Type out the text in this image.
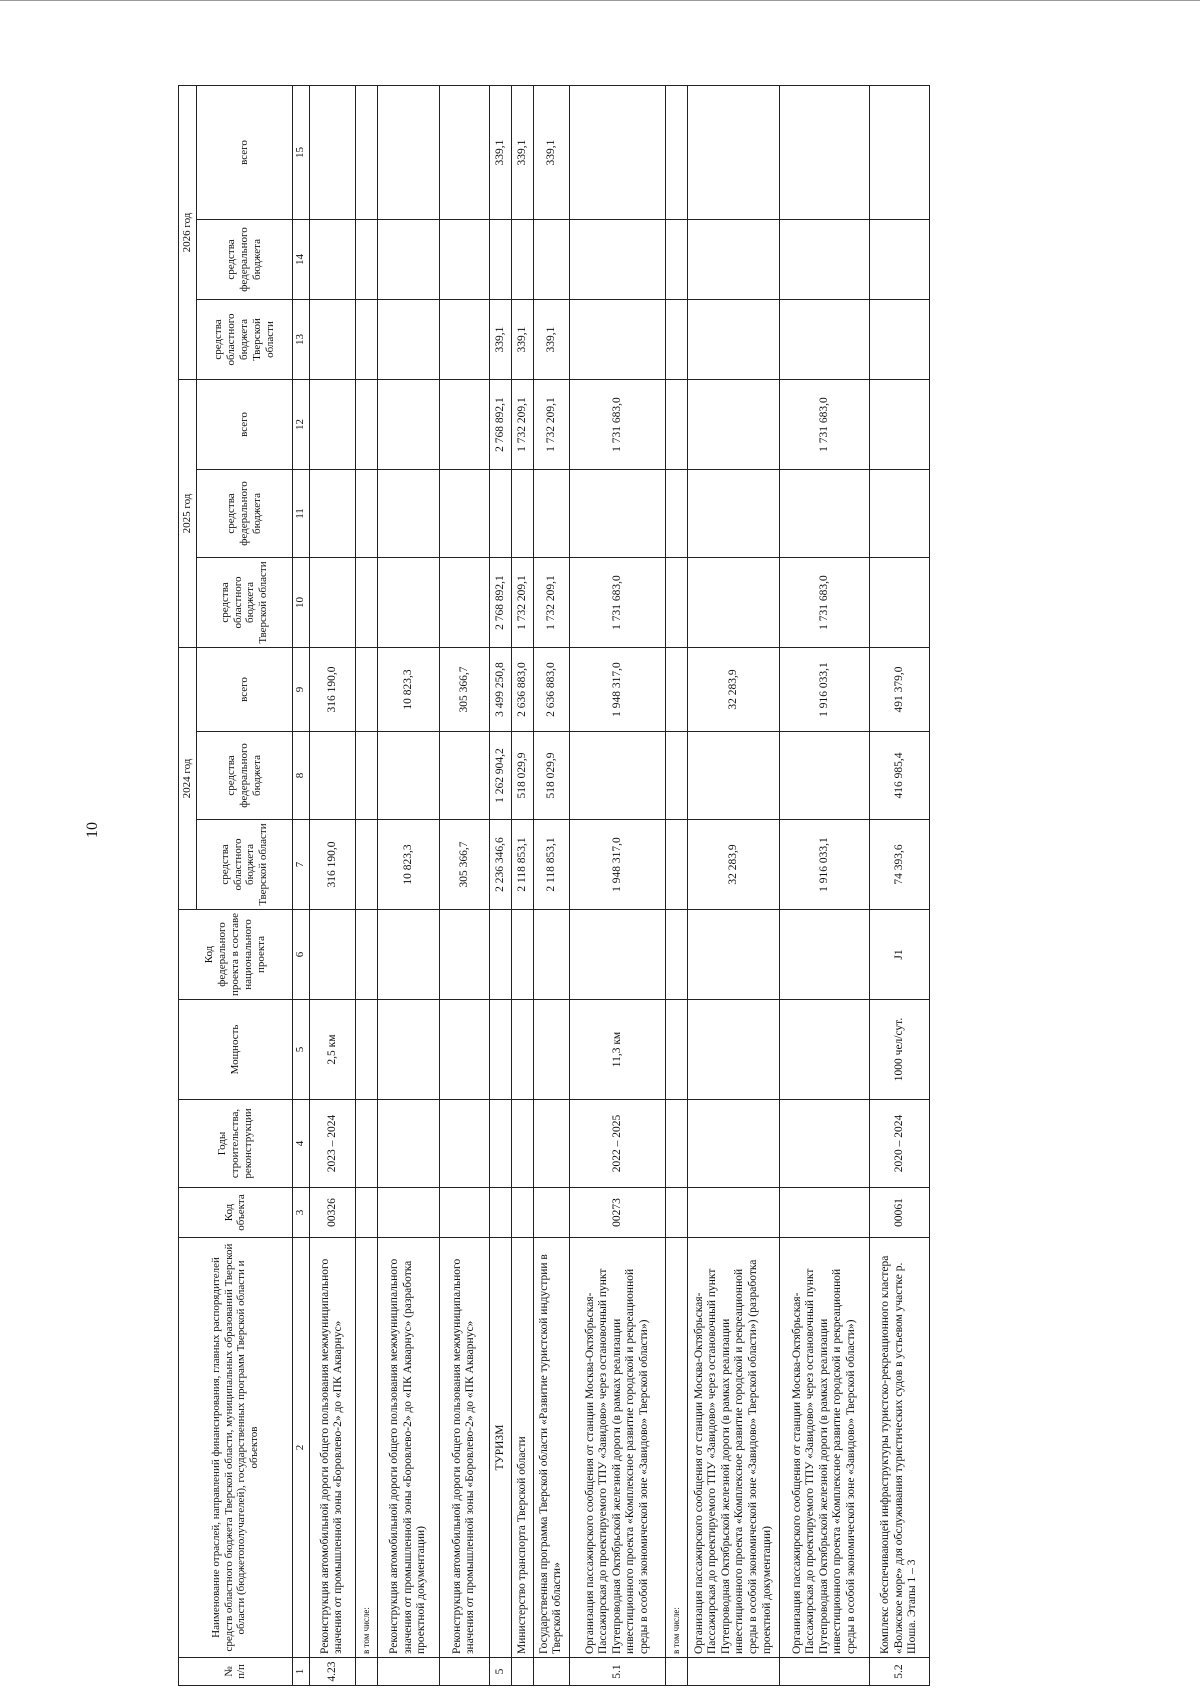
10
№ п/п	Наименование отраслей, направлений финансирования, главных распорядителей средств областного бюджета Тверской области, муниципальных образований Тверской области (бюджетополучателей), государственных программ Тверской области и объектов	Код объекта	Годы строительства, реконструкции	Мощность	Код федерального проекта в составе национального проекта	2024 год			2025 год			2026 год		
						средства областного бюджета Тверской области	средства федерального бюджета	всего	средства областного бюджета Тверской области	средства федерального бюджета	всего	средства областного бюджета Тверской области	средства федерального бюджета	всего
1	2	3	4	5	6	7	8	9	10	11	12	13	14	15
4.23	Реконструкция автомобильной дороги общего пользования межмуниципального значения от промышленной зоны «Боровлево-2» до «ПК Акварнус»	00326	2023 – 2024	2,5 км		316 190,0		316 190,0						
	в том числе:													
	Реконструкция автомобильной дороги общего пользования межмуниципального значения от промышленной зоны «Боровлево-2» до «ПК Акварнус» (разработка проектной документации)					10 823,3		10 823,3						
	Реконструкция автомобильной дороги общего пользования межмуниципального значения от промышленной зоны «Боровлево-2» до «ПК Акварнус»					305 366,7		305 366,7						
5	ТУРИЗМ					2 236 346,6	1 262 904,2	3 499 250,8	2 768 892,1		2 768 892,1	339,1		339,1
	Министерство транспорта Тверской области					2 118 853,1	518 029,9	2 636 883,0	1 732 209,1		1 732 209,1	339,1		339,1
	Государственная программа Тверской области «Развитие туристской индустрии в Тверской области»					2 118 853,1	518 029,9	2 636 883,0	1 732 209,1		1 732 209,1	339,1		339,1
5.1	Организация пассажирского сообщения от станции Москва-Октябрьская-Пассажирская до проектируемого ТПУ «Завидово» через остановочный пункт Путепроводная Октябрьской железной дороги (в рамках реализации инвестиционного проекта «Комплексное развитие городской и рекреационной среды в особой экономической зоне «Завидово» Тверской области»)	00273	2022 – 2025	11,3 км		1 948 317,0		1 948 317,0	1 731 683,0		1 731 683,0			
	в том числе:													
	Организация пассажирского сообщения от станции Москва-Октябрьская-Пассажирская до проектируемого ТПУ «Завидово» через остановочный пункт Путепроводная Октябрьской железной дороги (в рамках реализации инвестиционного проекта «Комплексное развитие городской и рекреационной среды в особой экономической зоне «Завидово» Тверской области») (разработка проектной документации)					32 283,9		32 283,9						
	Организация пассажирского сообщения от станции Москва-Октябрьская-Пассажирская до проектируемого ТПУ «Завидово» через остановочный пункт Путепроводная Октябрьской железной дороги (в рамках реализации инвестиционного проекта «Комплексное развитие городской и рекреационной среды в особой экономической зоне «Завидово» Тверской области»)					1 916 033,1		1 916 033,1	1 731 683,0		1 731 683,0			
5.2	Комплекс обеспечивающей инфраструктуры туристско-рекреационного кластера «Волжское море» для обслуживания туристических судов в устьевом участке р. Шоша. Этапы 1 – 3	00061	2020 – 2024	1000 чел/сут.	J1	74 393,6	416 985,4	491 379,0						
